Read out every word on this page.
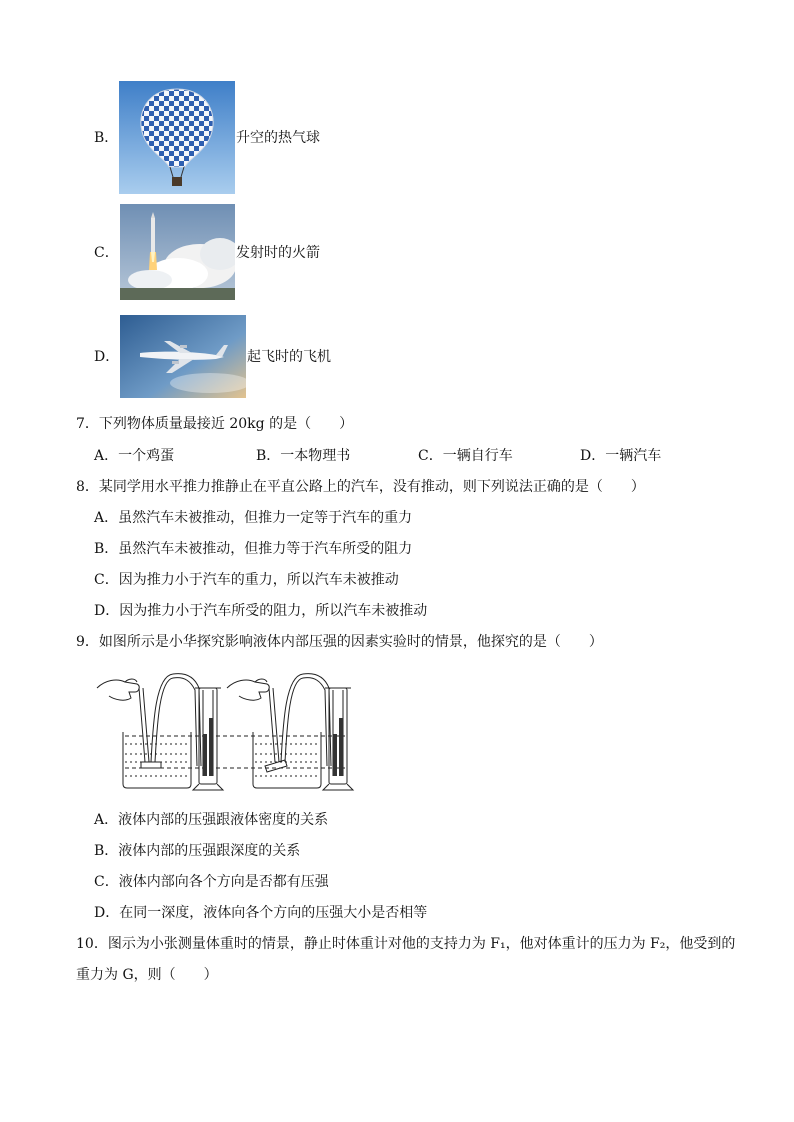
B．	升空的热气球
C．	发射时的火箭
D．	起飞时的飞机
7．下列物体质量最接近 20kg 的是（　　）
A．一个鸡蛋	B．一本物理书	C．一辆自行车	D．一辆汽车
8．某同学用水平推力推静止在平直公路上的汽车，没有推动，则下列说法正确的是（　　）
A．虽然汽车未被推动，但推力一定等于汽车的重力
B．虽然汽车未被推动，但推力等于汽车所受的阻力
C．因为推力小于汽车的重力，所以汽车未被推动
D．因为推力小于汽车所受的阻力，所以汽车未被推动
9．如图所示是小华探究影响液体内部压强的因素实验时的情景，他探究的是（　　）
A．液体内部的压强跟液体密度的关系
B．液体内部的压强跟深度的关系
C．液体内部向各个方向是否都有压强
D．在同一深度，液体向各个方向的压强大小是否相等
10．图示为小张测量体重时的情景，静止时体重计对他的支持力为 F₁，他对体重计的压力为 F₂，他受到的
重力为 G，则（　　）
